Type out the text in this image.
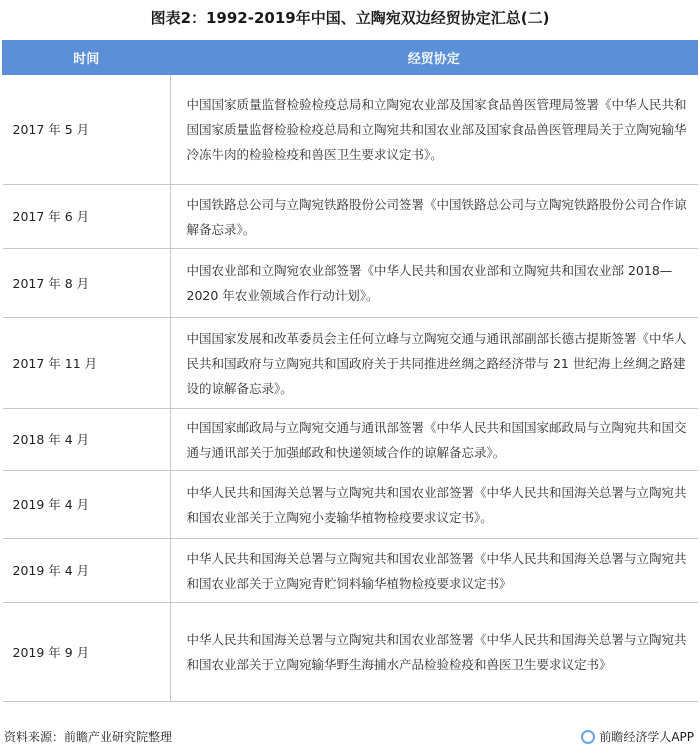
图表2：1992-2019年中国、立陶宛双边经贸协定汇总(二)
时间	经贸协定
2017 年 5 月	中国国家质量监督检验检疫总局和立陶宛农业部及国家食品兽医管理局签署《中华人民共和国国家质量监督检验检疫总局和立陶宛共和国农业部及国家食品兽医管理局关于立陶宛输华冷冻牛肉的检验检疫和兽医卫生要求议定书》。
2017 年 6 月	中国铁路总公司与立陶宛铁路股份公司签署《中国铁路总公司与立陶宛铁路股份公司合作谅解备忘录》。
2017 年 8 月	中国农业部和立陶宛农业部签署《中华人民共和国农业部和立陶宛共和国农业部 2018—2020 年农业领域合作行动计划》。
2017 年 11 月	中国国家发展和改革委员会主任何立峰与立陶宛交通与通讯部副部长德古提斯签署《中华人民共和国政府与立陶宛共和国政府关于共同推进丝绸之路经济带与 21 世纪海上丝绸之路建设的谅解备忘录》。
2018 年 4 月	中国国家邮政局与立陶宛交通与通讯部签署《中华人民共和国国家邮政局与立陶宛共和国交通与通讯部关于加强邮政和快递领域合作的谅解备忘录》。
2019 年 4 月	中华人民共和国海关总署与立陶宛共和国农业部签署《中华人民共和国海关总署与立陶宛共和国农业部关于立陶宛小麦输华植物检疫要求议定书》。
2019 年 4 月	中华人民共和国海关总署与立陶宛共和国农业部签署《中华人民共和国海关总署与立陶宛共和国农业部关于立陶宛青贮饲料输华植物检疫要求议定书》
2019 年 9 月	中华人民共和国海关总署与立陶宛共和国农业部签署《中华人民共和国海关总署与立陶宛共和国农业部关于立陶宛输华野生海捕水产品检验检疫和兽医卫生要求议定书》
资料来源：前瞻产业研究院整理	前瞻经济学人APP
